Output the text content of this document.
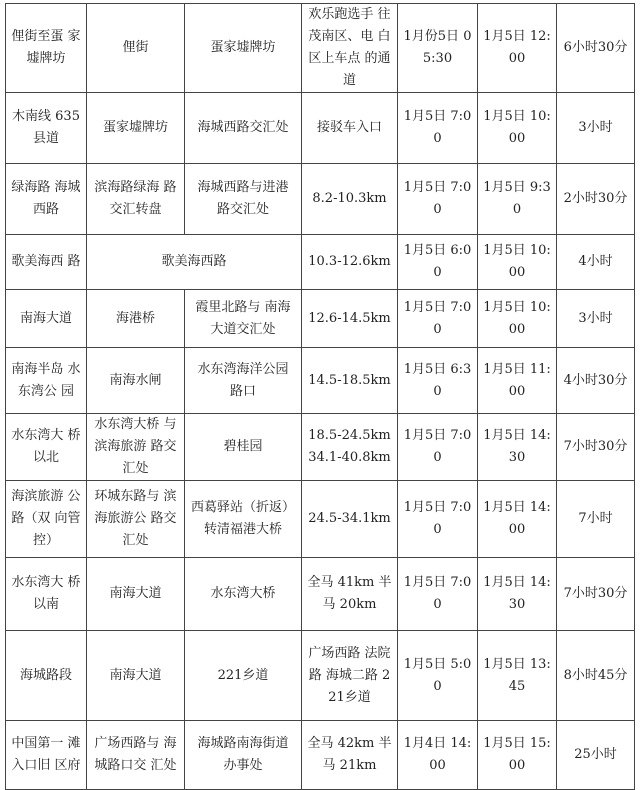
俚街至蛋 家墟牌坊	俚街	蛋家墟牌坊	欢乐跑选手 往茂南区、电 白区上车点 的通道	1月份5日 05:30	1月5日 12:00	6小时30分
木南线 635县道	蛋家墟牌坊	海城西路交汇处	接驳车入口	1月5日 7:00	1月5日 10:00	3小时
绿海路 海城西路	滨海路绿海 路交汇转盘	海城西路与进港 路交汇处	8.2-10.3km	1月5日 7:00	1月5日 9:30	2小时30分
歌美海西 路	歌美海西路		10.3-12.6km	1月5日 6:00	1月5日 10:00	4小时
南海大道	海港桥	霞里北路与 南海大道交汇处	12.6-14.5km	1月5日 7:00	1月5日 10:00	3小时
南海半岛 水东湾公 园	南海水闸	水东湾海洋公园 路口	14.5-18.5km	1月5日 6:30	1月5日 11:00	4小时30分
水东湾大 桥以北	水东湾大桥 与滨海旅游 路交汇处	碧桂园	18.5-24.5km 34.1-40.8km	1月5日 7:00	1月5日 14:30	7小时30分
海滨旅游 公路（双 向管控）	环城东路与 滨海旅游公 路交汇处	西葛驿站（折返） 转清福港大桥	24.5-34.1km	1月5日 7:00	1月5日 14:00	7小时
水东湾大 桥以南	南海大道	水东湾大桥	全马 41km 半马 20km	1月5日 7:00	1月5日 14:30	7小时30分
海城路段	南海大道	221乡道	广场西路 法院路 海城二路 221乡道	1月5日 5:00	1月5日 13:45	8小时45分
中国第一 滩入口旧 区府	广场西路与 海城路口交 汇处	海城路南海街道 办事处	全马 42km 半马 21km	1月4日 14:00	1月5日 15:00	25小时
